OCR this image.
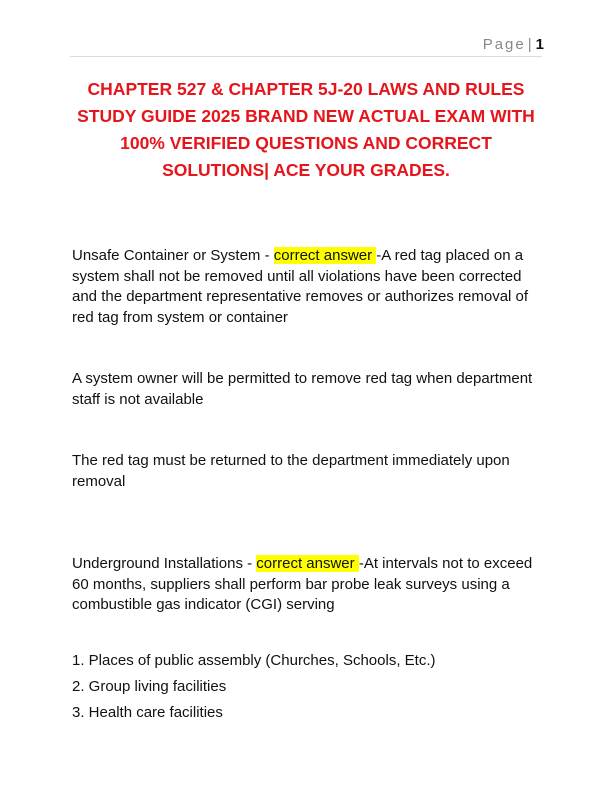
Page | 1
CHAPTER 527 & CHAPTER 5J-20 LAWS AND RULES STUDY GUIDE 2025 BRAND NEW ACTUAL EXAM WITH 100% VERIFIED QUESTIONS AND CORRECT SOLUTIONS| ACE YOUR GRADES.

Unsafe Container or System - correct answer -A red tag placed on a system shall not be removed until all violations have been corrected and the department representative removes or authorizes removal of red tag from system or container

A system owner will be permitted to remove red tag when department staff is not available

The red tag must be returned to the department immediately upon removal

Underground Installations - correct answer -At intervals not to exceed 60 months, suppliers shall perform bar probe leak surveys using a combustible gas indicator (CGI) serving

1. Places of public assembly (Churches, Schools, Etc.)

2. Group living facilities

3. Health care facilities
